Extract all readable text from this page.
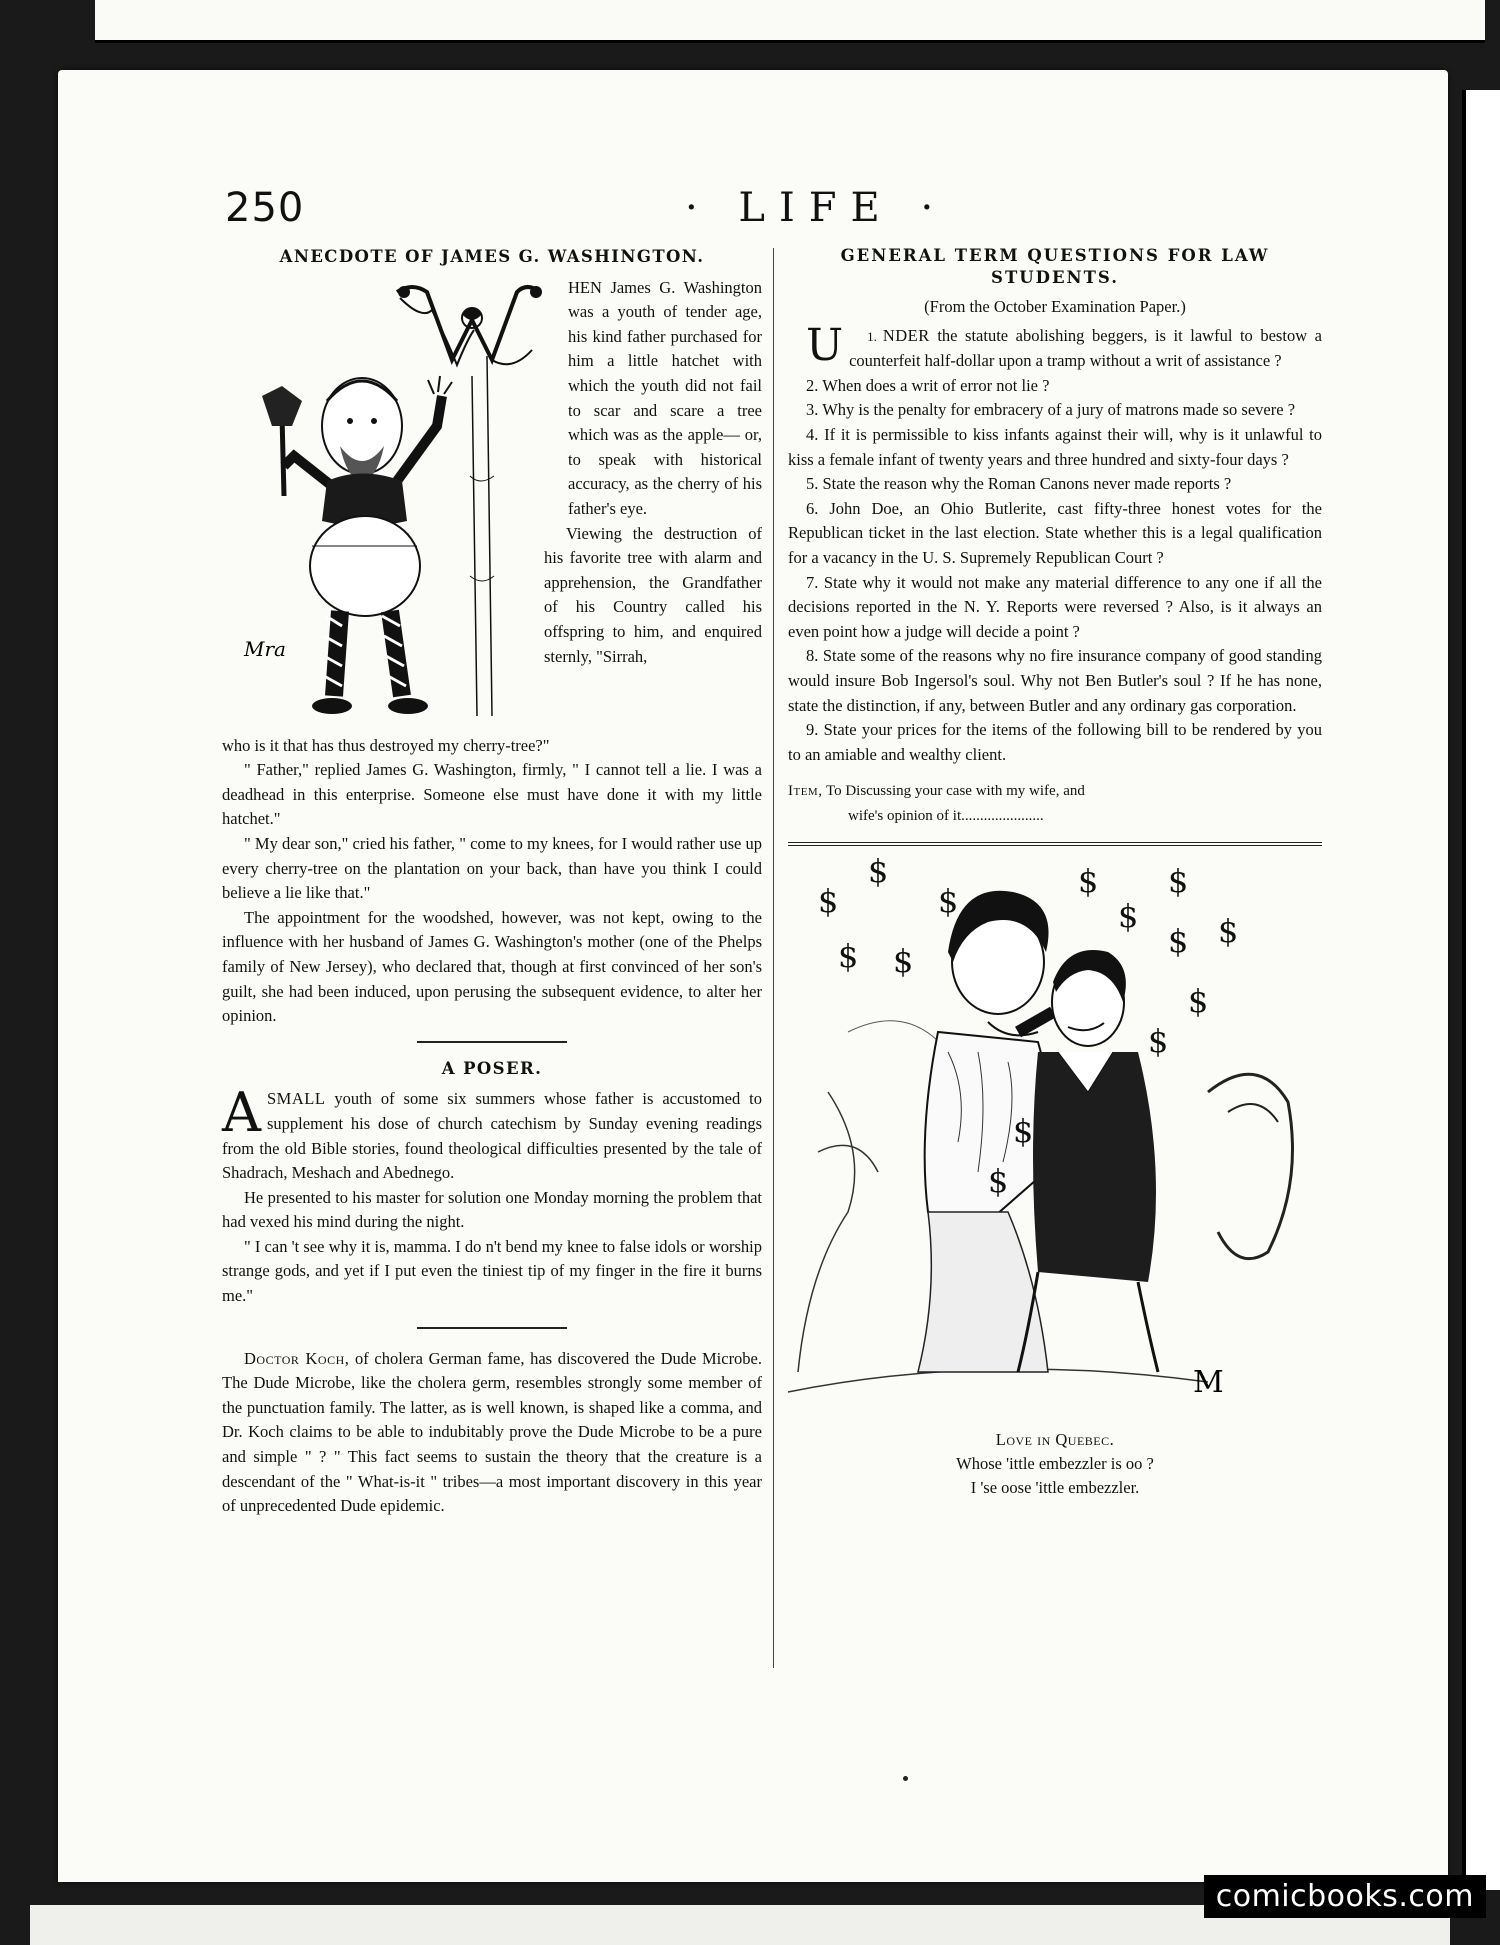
250	· LIFE ·
ANECDOTE OF JAMES G. WASHINGTON.
Mra

HEN James G. Washington was a youth of tender age, his kind father purchased for him a little hatchet with which the youth did not fail to scar and scare a tree which was as the apple— or, to speak with historical accuracy, as the cherry of his father's eye.

Viewing the destruction of his favorite tree with alarm and apprehension, the Grandfather of his Country called his offspring to him, and enquired sternly, "Sirrah,

who is it that has thus destroyed my cherry-tree?"

" Father," replied James G. Washington, firmly, " I cannot tell a lie. I was a deadhead in this enterprise. Someone else must have done it with my little hatchet."

" My dear son," cried his father, " come to my knees, for I would rather use up every cherry-tree on the plantation on your back, than have you think I could believe a lie like that."

The appointment for the woodshed, however, was not kept, owing to the influence with her husband of James G. Washington's mother (one of the Phelps family of New Jersey), who declared that, though at first convinced of her son's guilt, she had been induced, upon perusing the subsequent evidence, to alter her opinion.

A POSER.

ASMALL youth of some six summers whose father is accustomed to supplement his dose of church catechism by Sunday evening readings from the old Bible stories, found theological difficulties presented by the tale of Shadrach, Meshach and Abednego.

He presented to his master for solution one Monday morning the problem that had vexed his mind during the night.

" I can 't see why it is, mamma. I do n't bend my knee to false idols or worship strange gods, and yet if I put even the tiniest tip of my finger in the fire it burns me."

Doctor Koch, of cholera German fame, has discovered the Dude Microbe. The Dude Microbe, like the cholera germ, resembles strongly some member of the punctuation family. The latter, as is well known, is shaped like a comma, and Dr. Koch claims to be able to indubitably prove the Dude Microbe to be a pure and simple " ? " This fact seems to sustain the theory that the creature is a descendant of the " What-is-it " tribes—a most important discovery in this year of unprecedented Dude epidemic.

GENERAL TERM QUESTIONS FOR LAW STUDENTS.
(From the October Examination Paper.)

1.
U NDER the statute abolishing beggers, is it lawful to bestow a counterfeit half-dollar upon a tramp without a writ of assistance ?

2. When does a writ of error not lie ?

3. Why is the penalty for embracery of a jury of matrons made so severe ?

4. If it is permissible to kiss infants against their will, why is it unlawful to kiss a female infant of twenty years and three hundred and sixty-four days ?

5. State the reason why the Roman Canons never made reports ?

6. John Doe, an Ohio Butlerite, cast fifty-three honest votes for the Republican ticket in the last election. State whether this is a legal qualification for a vacancy in the U. S. Supremely Republican Court ?

7. State why it would not make any material difference to any one if all the decisions reported in the N. Y. Reports were reversed ? Also, is it always an even point how a judge will decide a point ?

8. State some of the reasons why no fire insurance company of good standing would insure Bob Ingersol's soul. Why not Ben Butler's soul ? If he has none, state the distinction, if any, between Butler and any ordinary gas corporation.

9. State your prices for the items of the following bill to be rendered by you to an amiable and wealthy client.

Item, To Discussing your case with my wife, and
wife's opinion of it......................
$
$
$
$ $
$
$
$
$ $
$
$
$
$
M
Love in Quebec.
Whose 'ittle embezzler is oo ?
I 'se oose 'ittle embezzler.
comicbooks.com
